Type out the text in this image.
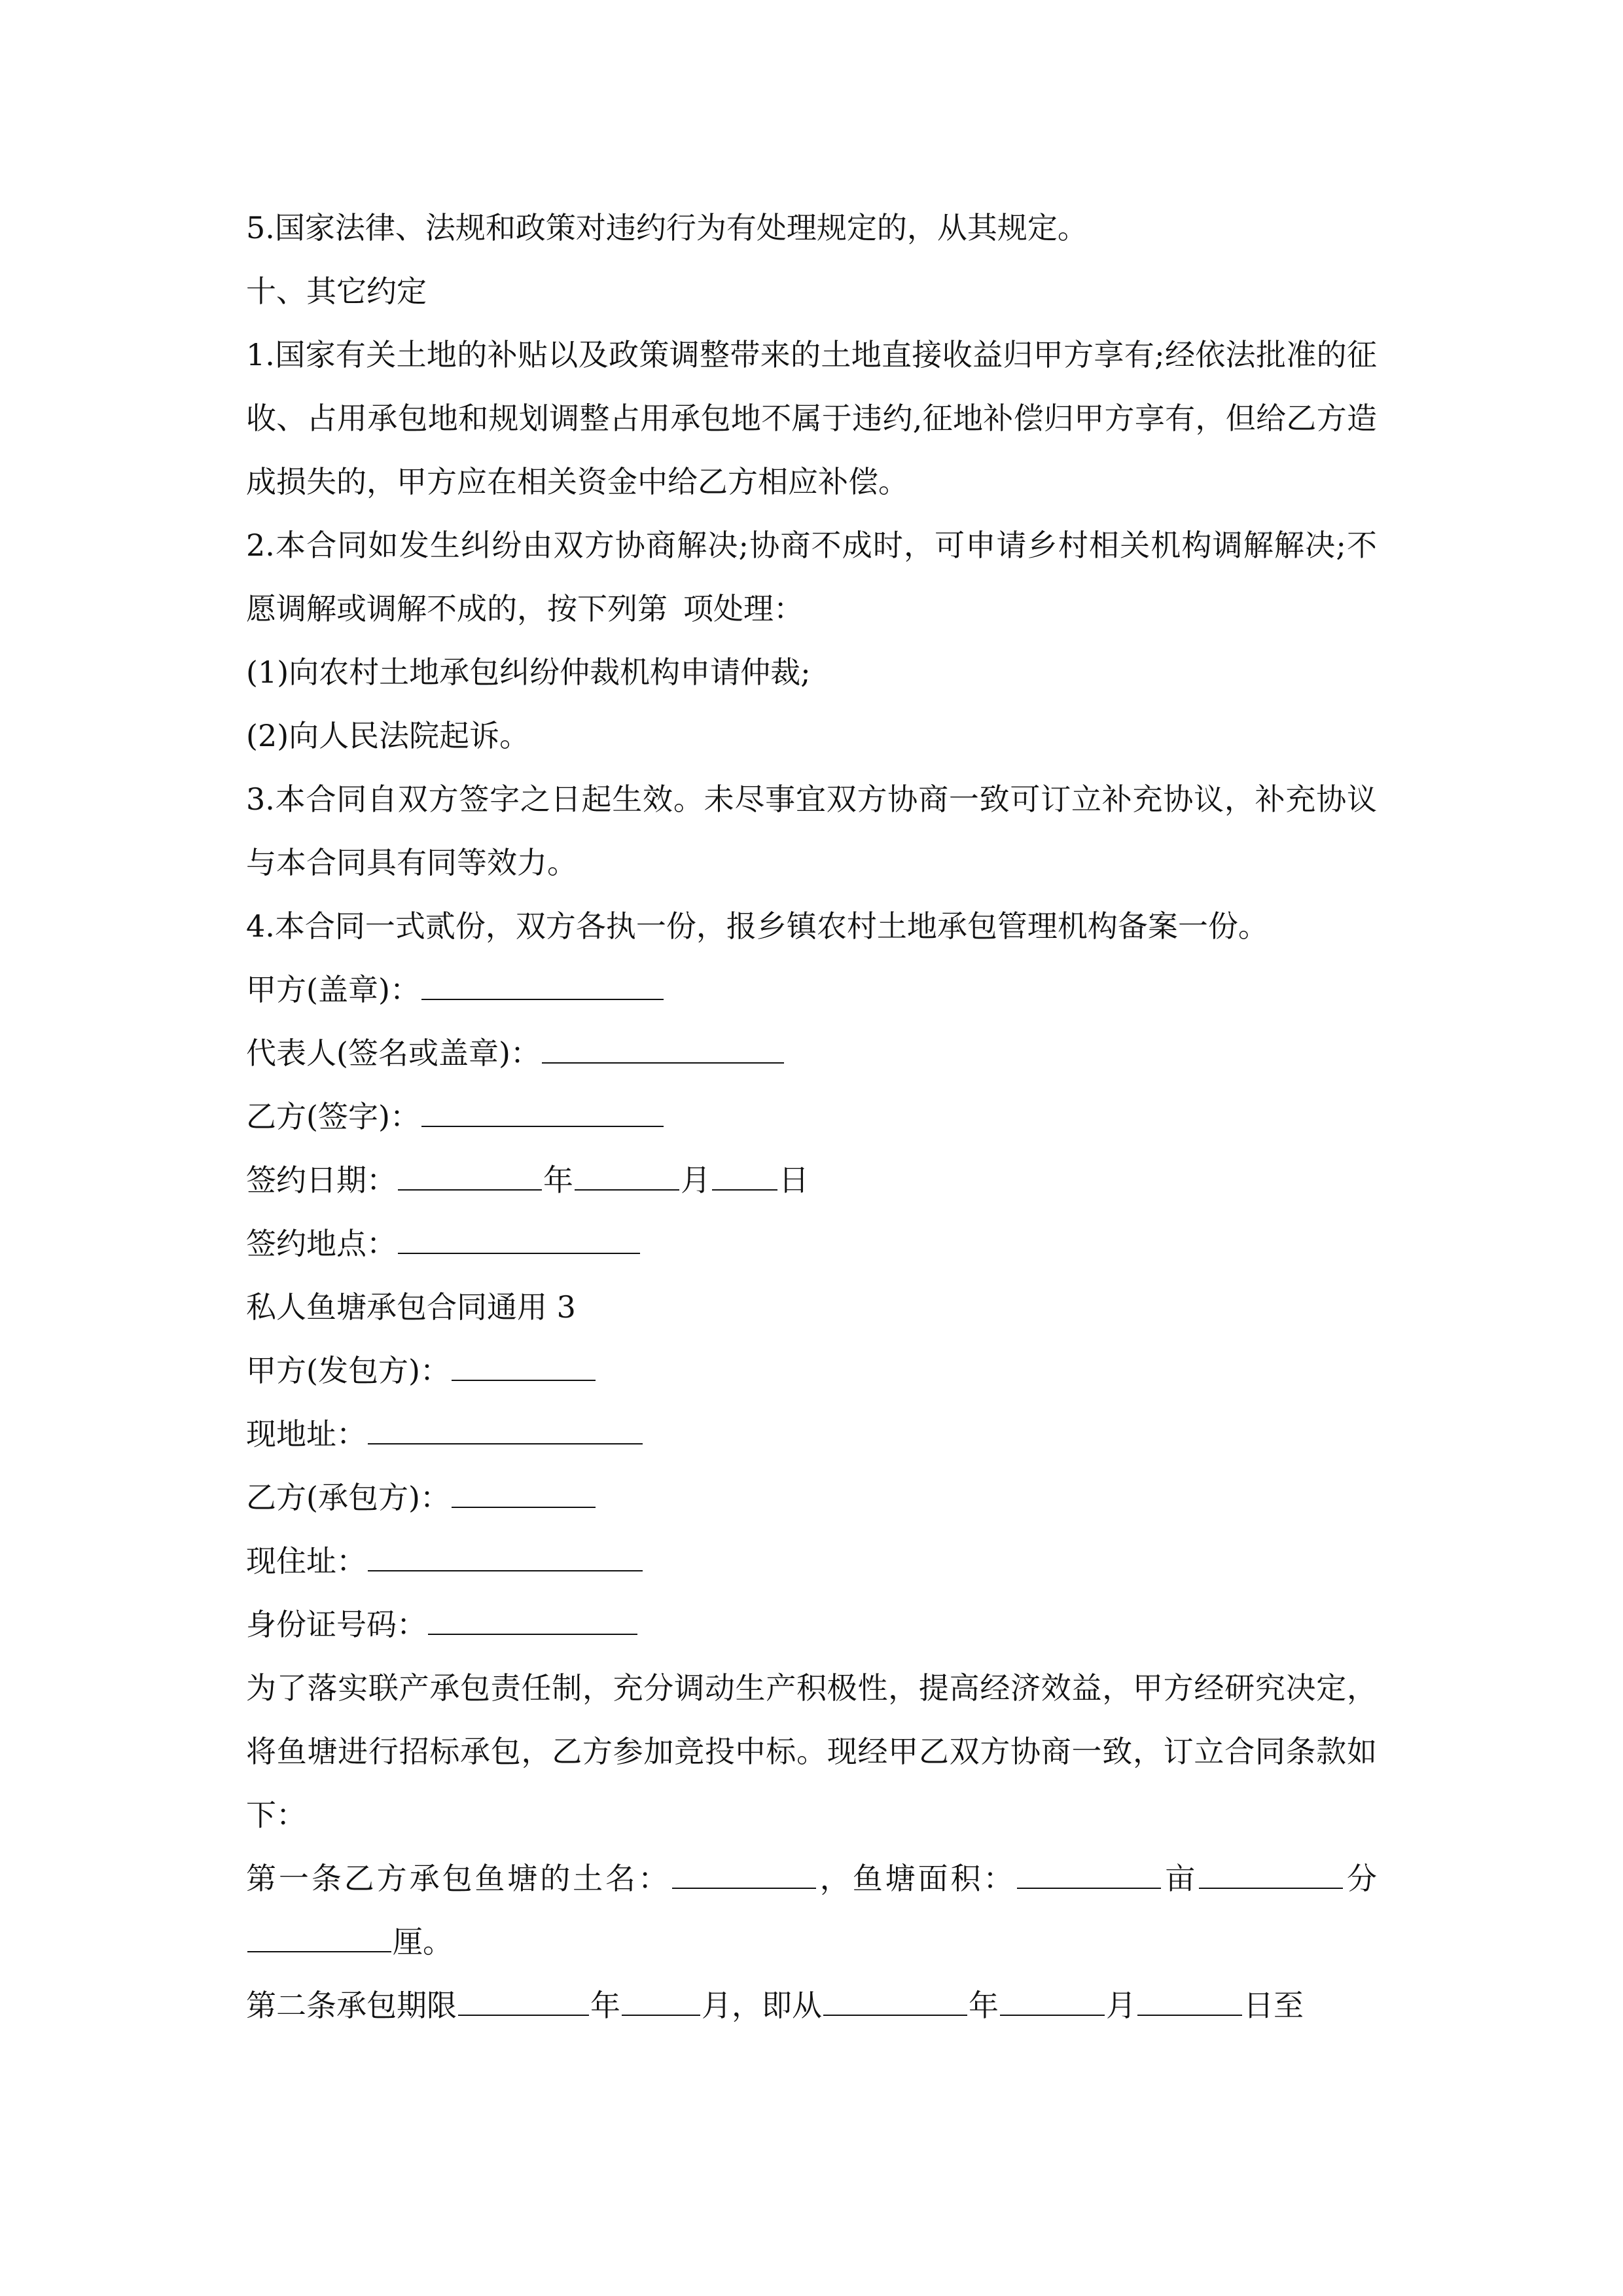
5.国家法律、法规和政策对违约行为有处理规定的，从其规定。
十、其它约定
1.国家有关土地的补贴以及政策调整带来的土地直接收益归甲方享有;经依法批准的征收、占用承包地和规划调整占用承包地不属于违约,征地补偿归甲方享有，但给乙方造成损失的，甲方应在相关资金中给乙方相应补偿。
2.本合同如发生纠纷由双方协商解决;协商不成时，可申请乡村相关机构调解解决;不愿调解或调解不成的，按下列第 项处理：
(1)向农村土地承包纠纷仲裁机构申请仲裁;
(2)向人民法院起诉。
3.本合同自双方签字之日起生效。未尽事宜双方协商一致可订立补充协议，补充协议与本合同具有同等效力。
4.本合同一式贰份，双方各执一份，报乡镇农村土地承包管理机构备案一份。
甲方(盖章)：
代表人(签名或盖章)：
乙方(签字)：
签约日期：	年	月 日
签约地点：
私人鱼塘承包合同通用 3
甲方(发包方)：
现地址：
乙方(承包方)：
现住址：
身份证号码：
为了落实联产承包责任制，充分调动生产积极性，提高经济效益，甲方经研究决定，将鱼塘进行招标承包，乙方参加竞投中标。现经甲乙双方协商一致，订立合同条款如下：
第一条乙方承包鱼塘的土名：	，鱼塘面积：	亩	分 厘。
第二条承包期限	年	月，即从	年	月	日至
